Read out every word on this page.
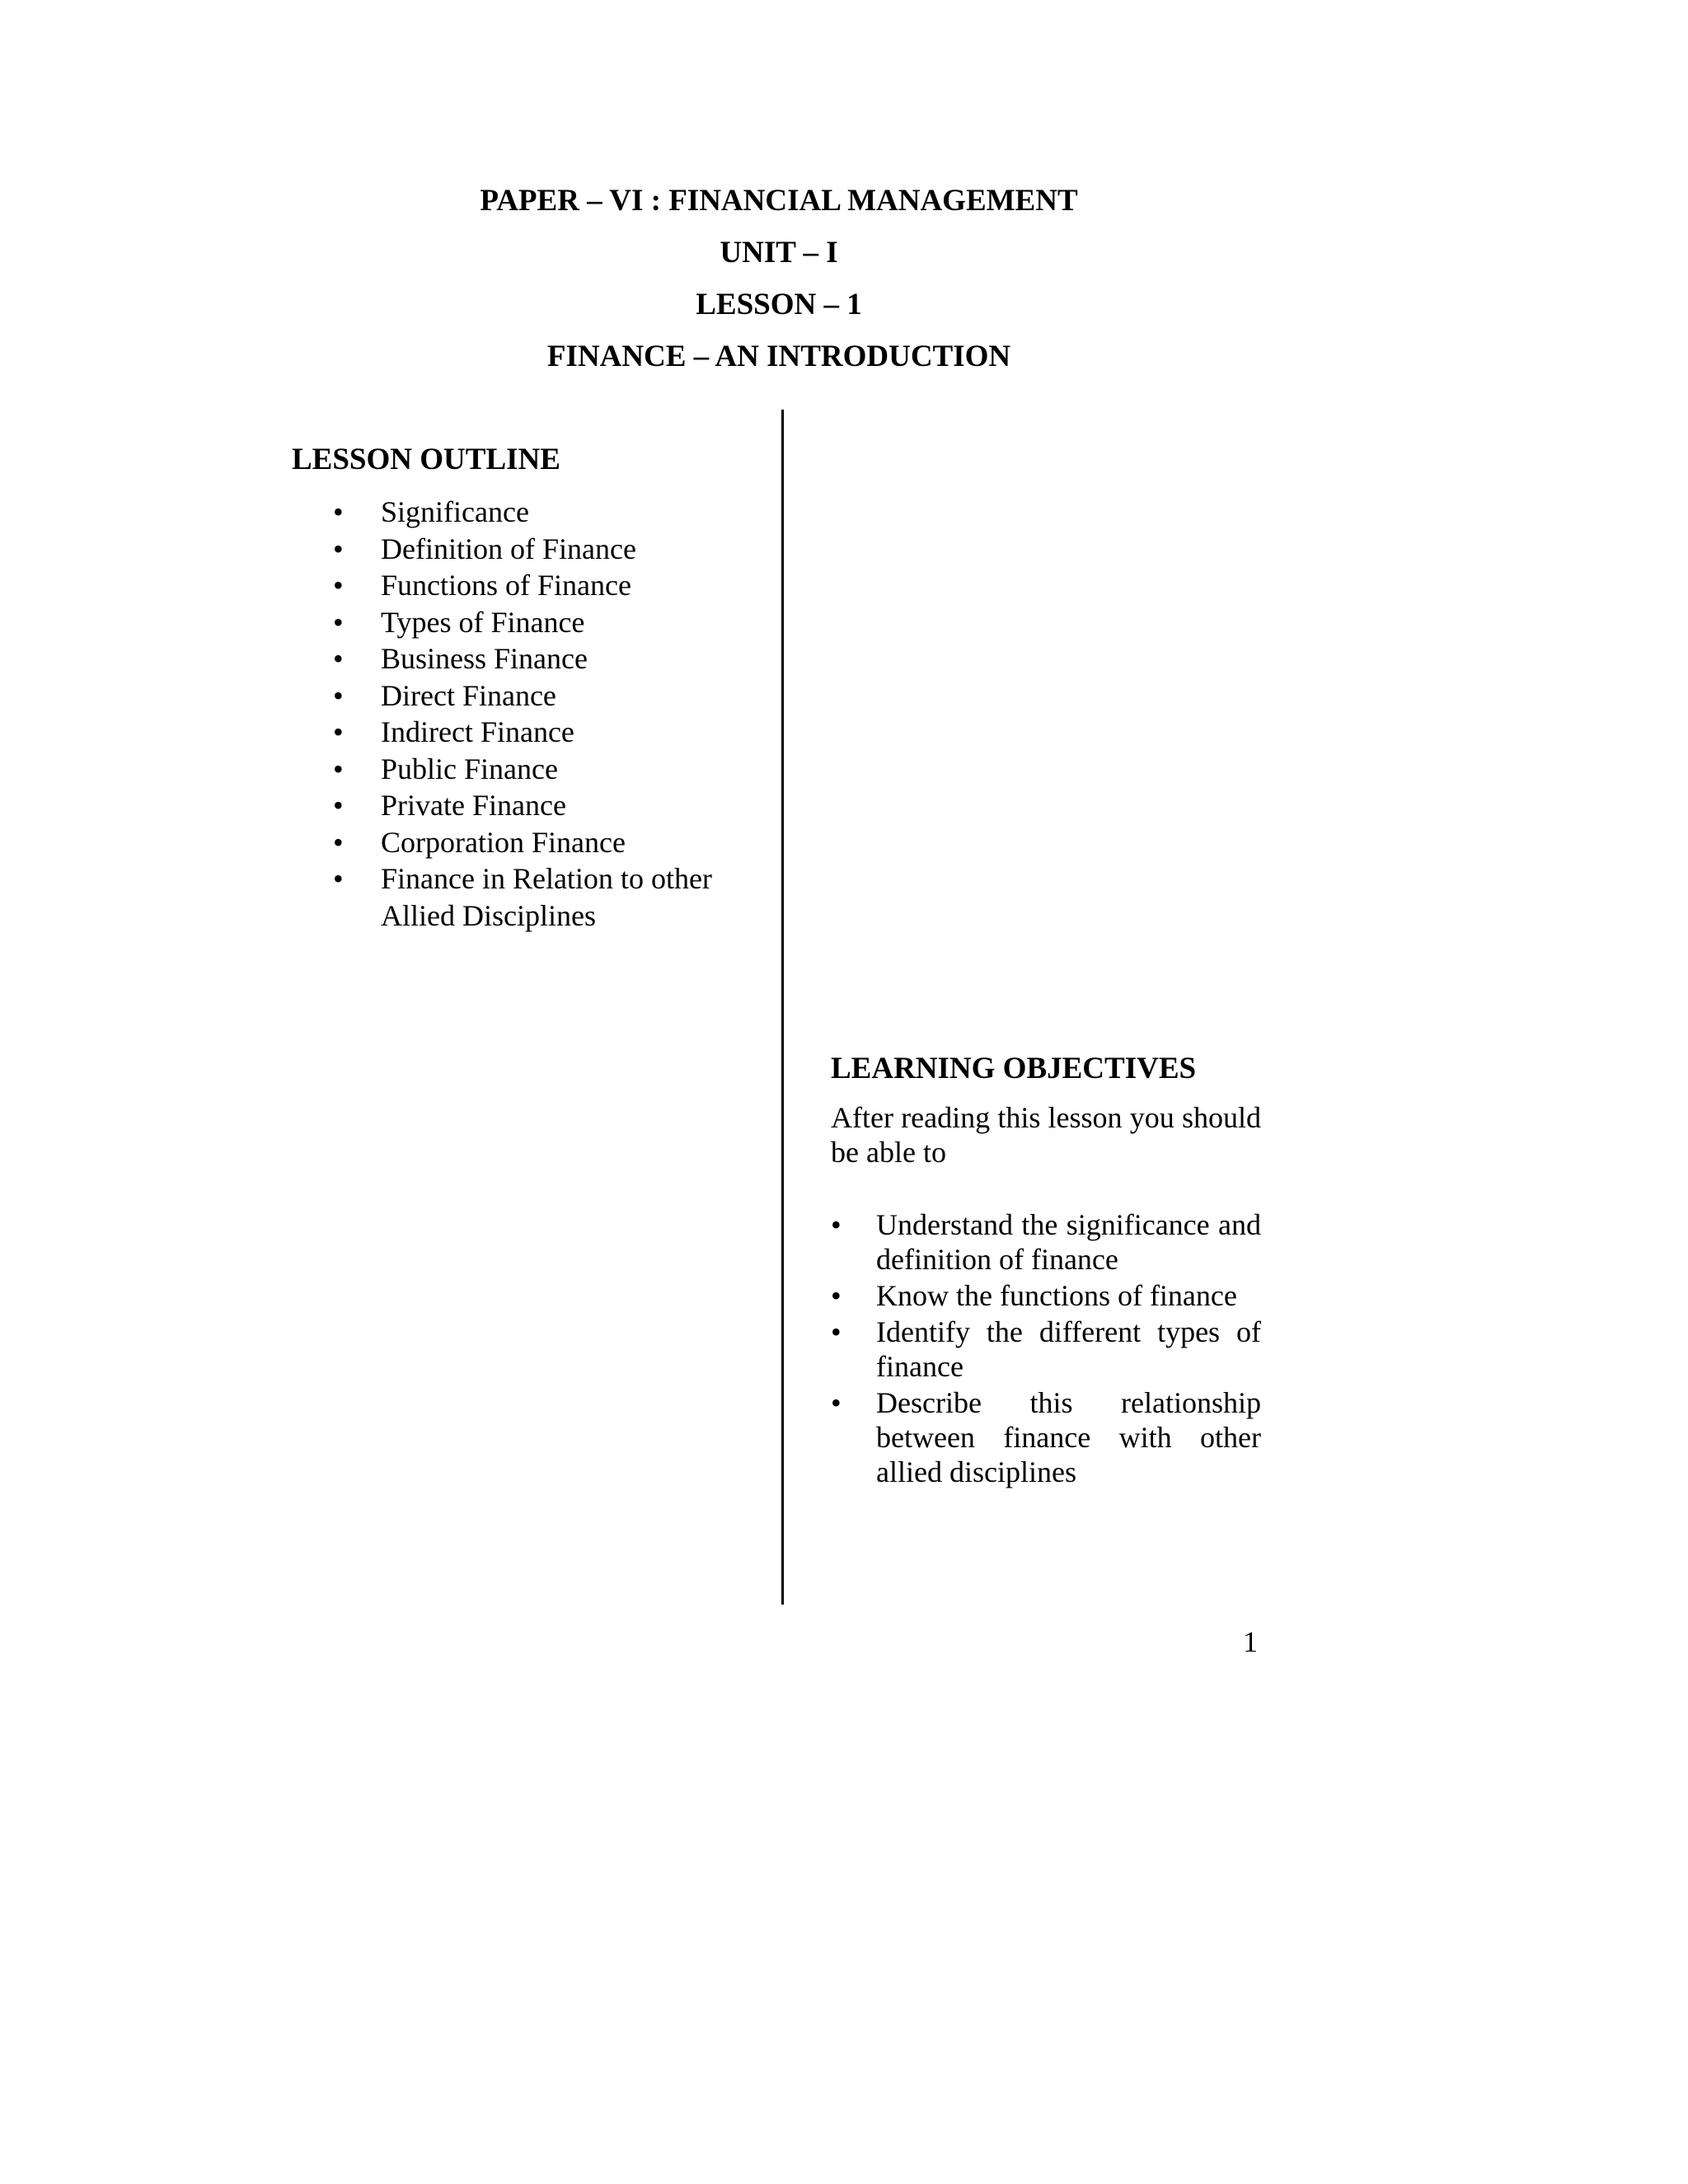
PAPER – VI : FINANCIAL MANAGEMENT
UNIT – I
LESSON – 1
FINANCE – AN INTRODUCTION
LESSON OUTLINE
• Significance
• Definition of Finance
• Functions of Finance
• Types of Finance
• Business Finance
• Direct Finance
• Indirect Finance
• Public Finance
• Private Finance
• Corporation Finance
• Finance in Relation to other Allied Disciplines
LEARNING OBJECTIVES

After reading this lesson you should be able to

• Understand the significance and definition of finance
• Know the functions of finance
• Identify the different types of finance
• Describe this relationship between finance with other allied disciplines
1
